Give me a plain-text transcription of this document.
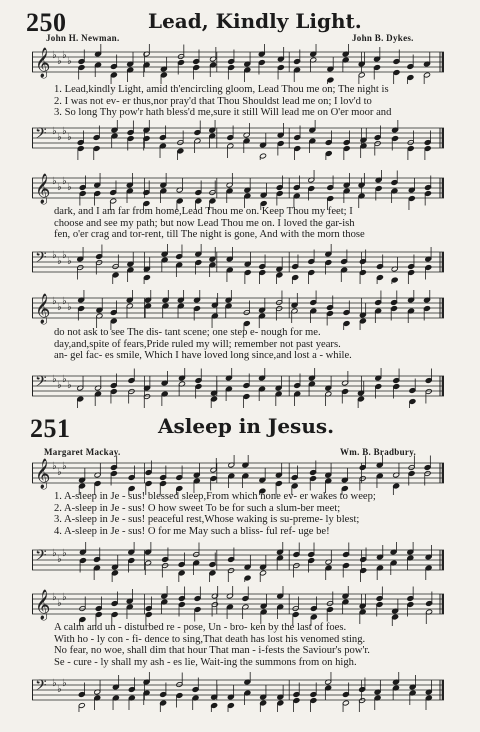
250	Lead, Kindly Light.
John H. Newman.	John B. Dykes.
𝄞 ♭
♭
♭
♭
1. Lead,kindly Light, amid th'encircling gloom, Lead Thou me on; The night is
2. I was not ev- er thus,nor pray'd that Thou Shouldst lead me on; I lov'd to
3. So long Thy pow'r hath bless'd me,sure it still Will lead me on O'er moor and
𝄢 ♭
♭
♭
♭
𝄞 ♭
♭
♭
♭
dark, and I am far from home,Lead Thou me on. Keep Thou my feet; I
choose and see my path; but now Lead Thou me on. I loved the gar-ish
fen, o'er crag and tor-rent, till The night is gone, And with the morn those
𝄢 ♭
♭
♭
♭
𝄞 ♭
♭
♭
♭
do not ask to see The dis- tant scene; one step e- nough for me.
day,and,spite of fears,Pride ruled my will; remember not past years.
an- gel fac- es smile, Which I have loved long since,and lost a - while.
𝄢 ♭
♭
♭
♭
251	Asleep in Jesus.
Margaret Mackay.	Wm. B. Bradbury.
𝄞 ♭
♭
♭
1. A-sleep in Je - sus! blessed sleep,From which none ev- er wakes to weep;
2. A-sleep in Je - sus! O how sweet To be for such a slum-ber meet;
3. A-sleep in Je - sus! peaceful rest,Whose waking is su-preme- ly blest;
4. A-sleep in Je - sus! O for me May such a bliss- ful ref- uge be!
𝄢 ♭
♭
♭
𝄞 ♭
♭
♭
A calm and un - disturbed re - pose, Un - bro- ken by the last of foes.
With ho - ly con - fi- dence to sing,That death has lost his venomed sting.
No fear, no woe, shall dim that hour That man - i-fests the Saviour's pow'r.
Se - cure - ly shall my ash - es lie, Wait-ing the summons from on high.
𝄢 ♭
♭
♭
